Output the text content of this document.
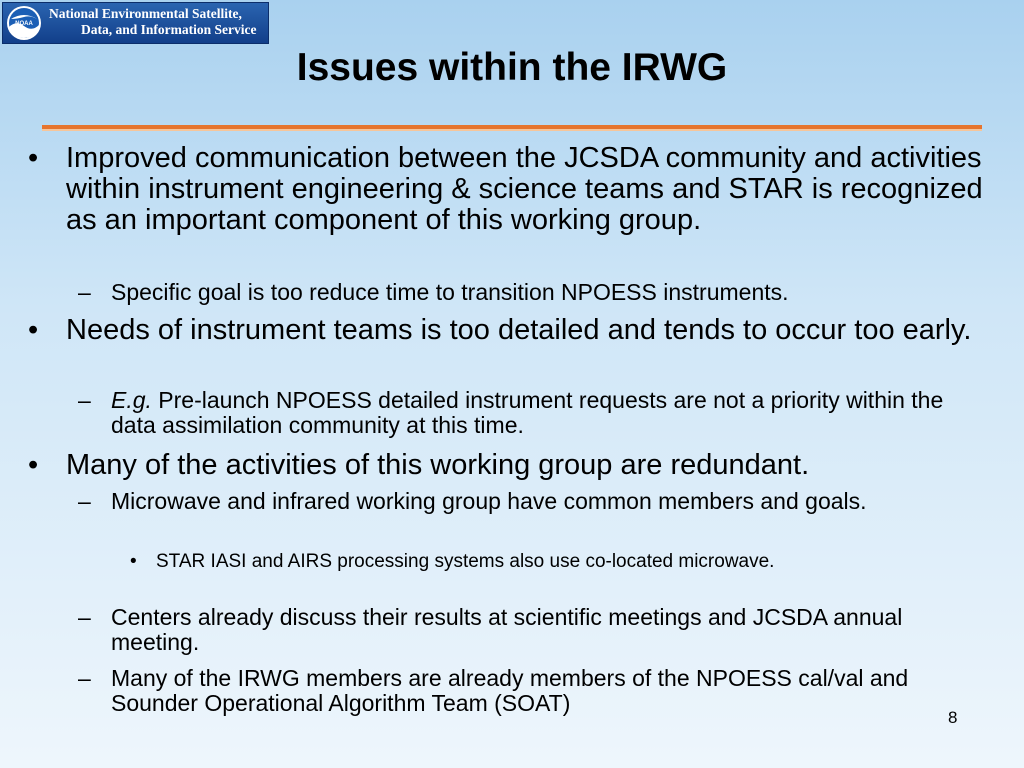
NOAA
National Environmental Satellite,
Data, and Information Service
Issues within the IRWG
• Improved communication between the JCSDA community and activities within instrument engineering & science teams and STAR is recognized as an important component of this working group.
– Specific goal is too reduce time to transition NPOESS instruments.
• Needs of instrument teams is too detailed and tends to occur too early.
– E.g. Pre-launch NPOESS detailed instrument requests are not a priority within the data assimilation community at this time.
• Many of the activities of this working group are redundant.
– Microwave and infrared working group have common members and goals.
• STAR IASI and AIRS processing systems also use co-located microwave.
– Centers already discuss their results at scientific meetings and JCSDA annual meeting.
– Many of the IRWG members are already members of the NPOESS cal/val and Sounder Operational Algorithm Team (SOAT)
8
